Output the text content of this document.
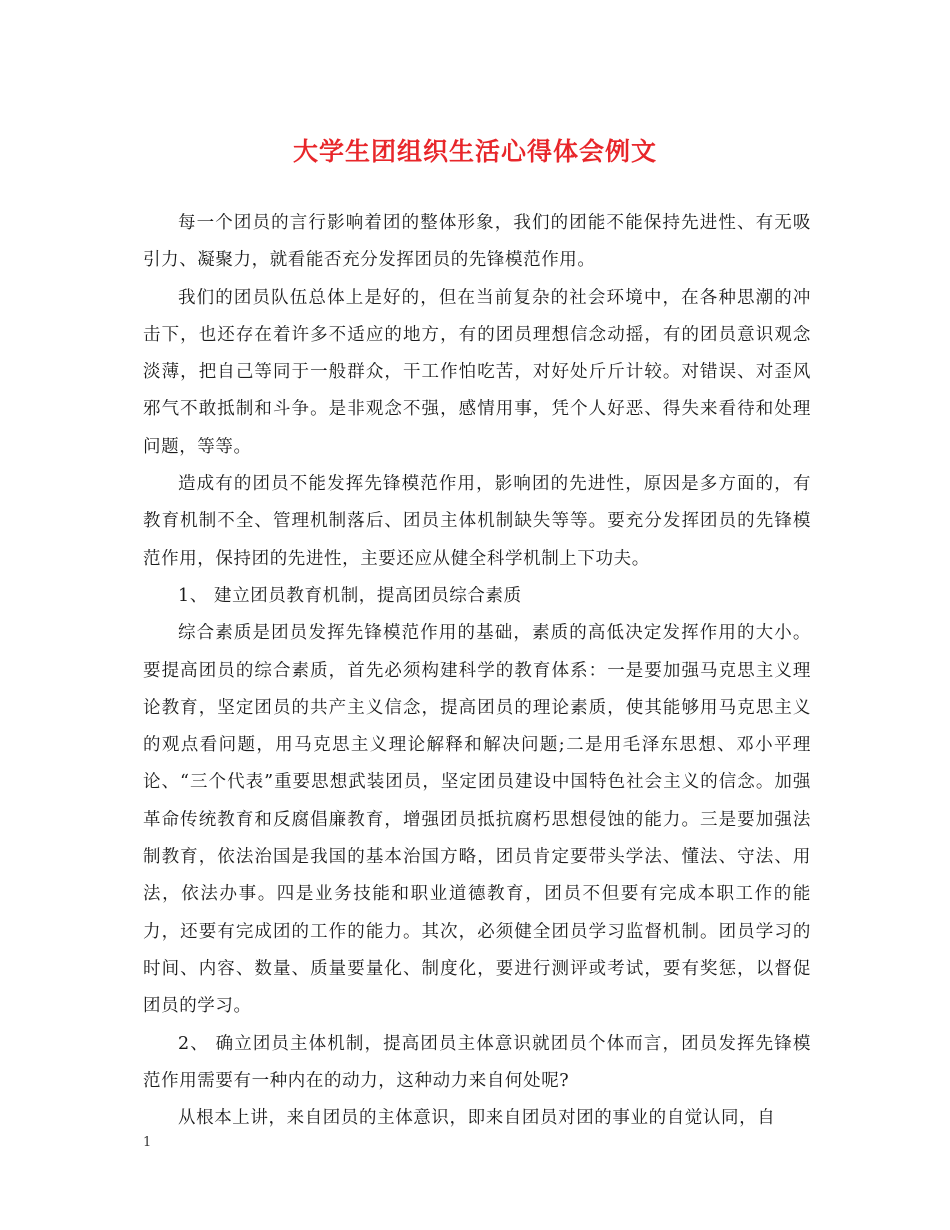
大学生团组织生活心得体会例文

每一个团员的言行影响着团的整体形象，我们的团能不能保持先进性、有无吸引力、凝聚力，就看能否充分发挥团员的先锋模范作用。

我们的团员队伍总体上是好的，但在当前复杂的社会环境中，在各种思潮的冲击下，也还存在着许多不适应的地方，有的团员理想信念动摇，有的团员意识观念淡薄，把自己等同于一般群众，干工作怕吃苦，对好处斤斤计较。对错误、对歪风邪气不敢抵制和斗争。是非观念不强，感情用事，凭个人好恶、得失来看待和处理问题，等等。

造成有的团员不能发挥先锋模范作用，影响团的先进性，原因是多方面的，有教育机制不全、管理机制落后、团员主体机制缺失等等。要充分发挥团员的先锋模范作用，保持团的先进性，主要还应从健全科学机制上下功夫。

1、 建立团员教育机制，提高团员综合素质

综合素质是团员发挥先锋模范作用的基础，素质的高低决定发挥作用的大小。要提高团员的综合素质，首先必须构建科学的教育体系：一是要加强马克思主义理论教育，坚定团员的共产主义信念，提高团员的理论素质，使其能够用马克思主义的观点看问题，用马克思主义理论解释和解决问题;二是用毛泽东思想、邓小平理论、“三个代表”重要思想武装团员，坚定团员建设中国特色社会主义的信念。加强革命传统教育和反腐倡廉教育，增强团员抵抗腐朽思想侵蚀的能力。三是要加强法制教育，依法治国是我国的基本治国方略，团员肯定要带头学法、懂法、守法、用法，依法办事。四是业务技能和职业道德教育，团员不但要有完成本职工作的能力，还要有完成团的工作的能力。其次，必须健全团员学习监督机制。团员学习的时间、内容、数量、质量要量化、制度化，要进行测评或考试，要有奖惩，以督促团员的学习。

2、 确立团员主体机制，提高团员主体意识就团员个体而言，团员发挥先锋模范作用需要有一种内在的动力，这种动力来自何处呢?

从根本上讲，来自团员的主体意识，即来自团员对团的事业的自觉认同，自

1
